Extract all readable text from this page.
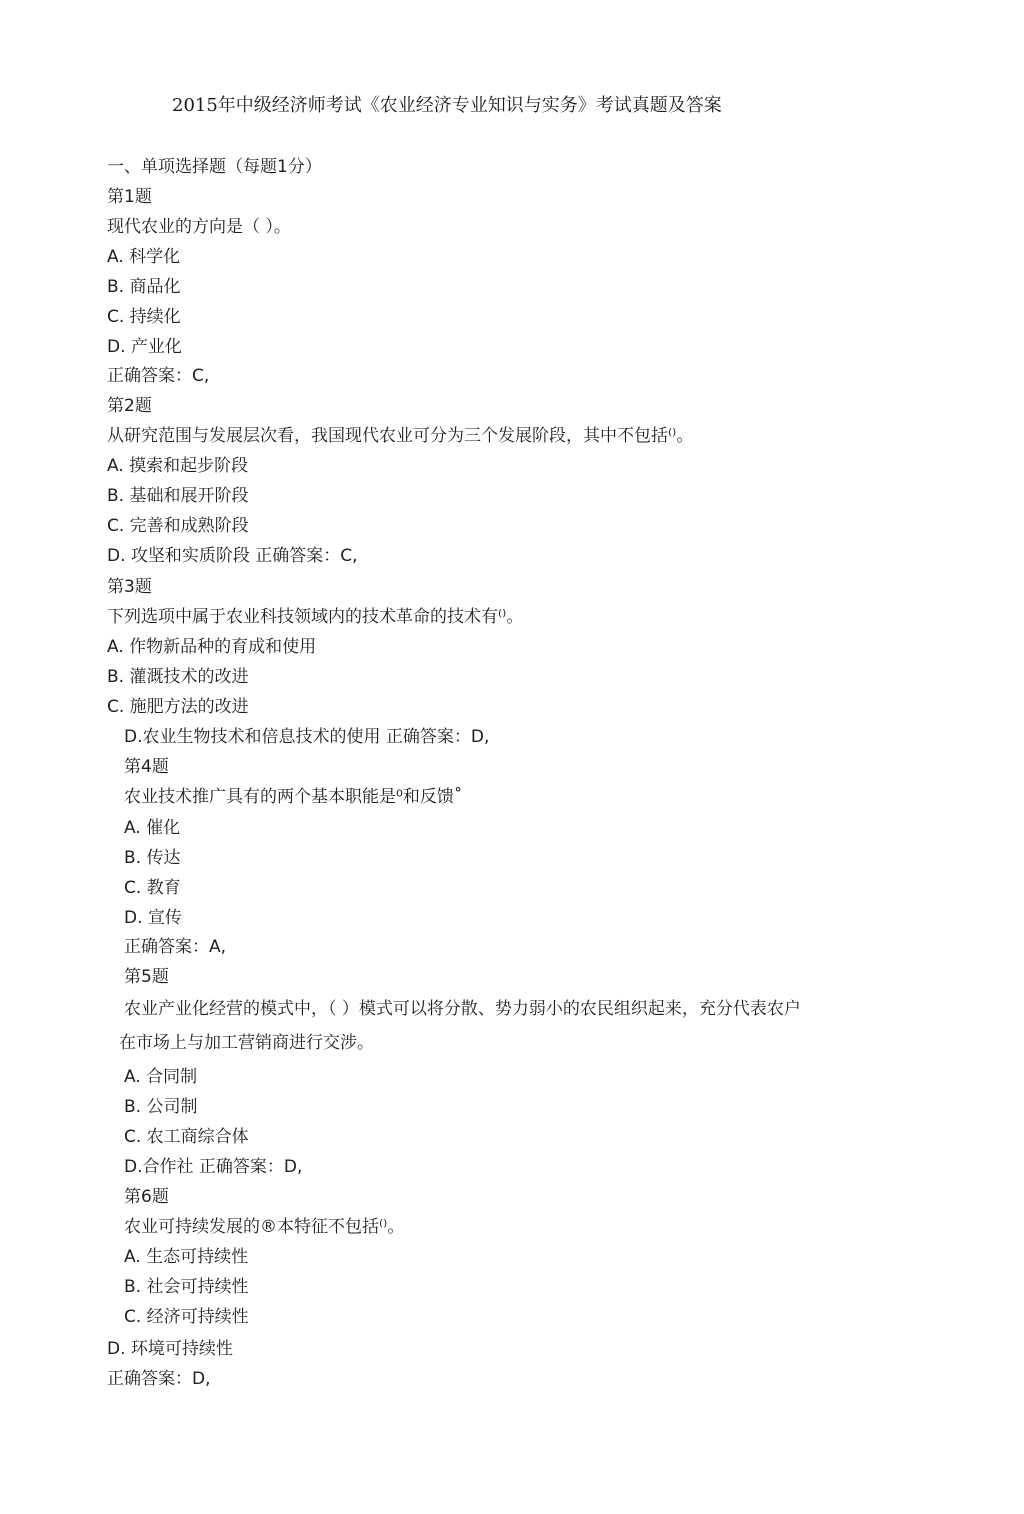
2015年中级经济师考试《农业经济专业知识与实务》考试真题及答案
一、单项选择题（每题1分）
第1题
现代农业的方向是（ ）。
A. 科学化
B. 商品化
C. 持续化
D. 产业化
正确答案：C,
第2题
从研究范围与发展层次看，我国现代农业可分为三个发展阶段，其中不包括⁽⁾。
A. 摸索和起步阶段
B. 基础和展开阶段
C. 完善和成熟阶段
D. 攻坚和实质阶段 正确答案：C,
第3题
下列选项中属于农业科技领域内的技术革命的技术有⁽⁾。
A. 作物新品种的育成和使用
B. 灌溉技术的改进
C. 施肥方法的改进
D.农业生物技术和倍息技术的使用 正确答案：D,
第4题
农业技术推广具有的两个基本职能是⁰和反馈˚
A. 催化
B. 传达
C. 教育
D. 宣传
正确答案：A,
第5题
农业产业化经营的模式中，（ ）模式可以将分散、势力弱小的农民组织起来，充分代表农户
在市场上与加工营销商进行交涉。
A. 合同制
B. 公司制
C. 农工商综合体
D.合作社 正确答案：D,
第6题
农业可持续发展的®本特征不包括⁽⁾。
A. 生态可持续性
B. 社会可持续性
C. 经济可持续性
D. 环境可持续性
正确答案：D,
